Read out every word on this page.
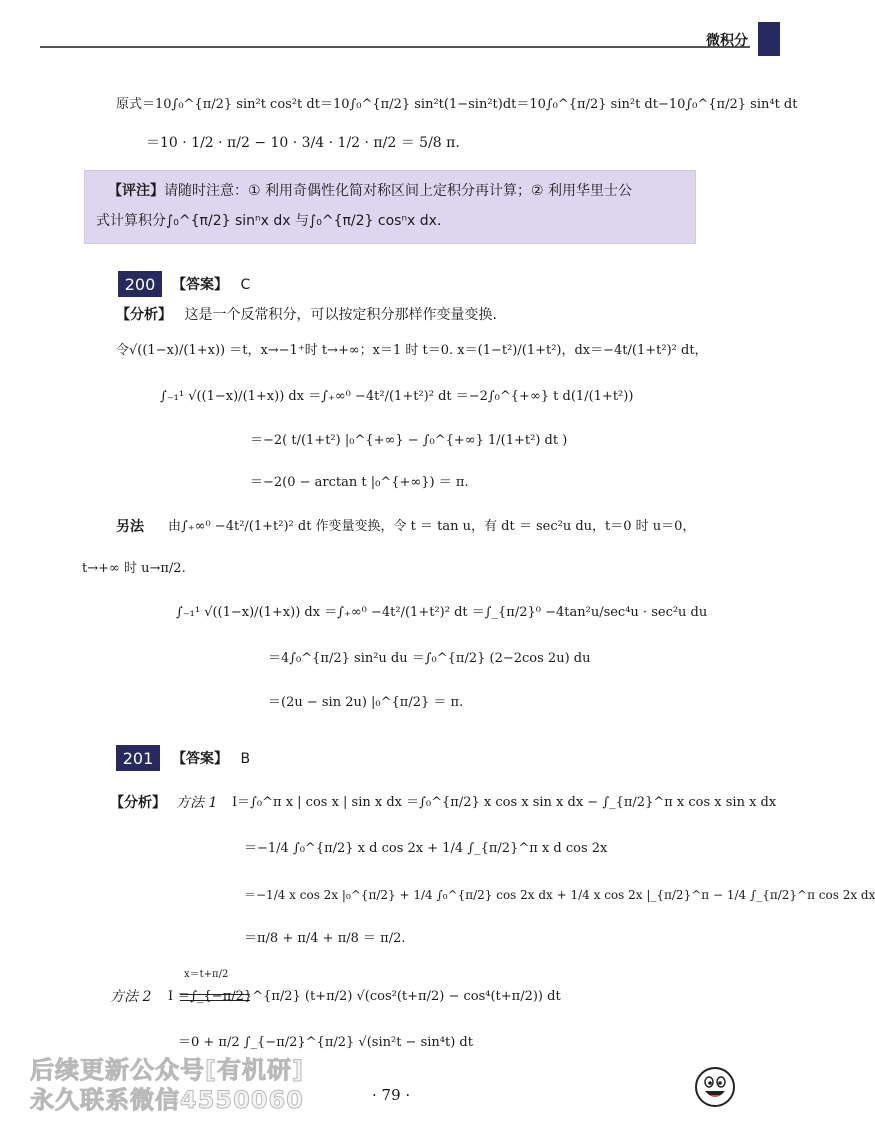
微积分
原式＝10∫₀^{π/2} sin²t cos²t dt＝10∫₀^{π/2} sin²t(1−sin²t)dt＝10∫₀^{π/2} sin²t dt−10∫₀^{π/2} sin⁴t dt
＝10 · 1/2 · π/2 − 10 · 3/4 · 1/2 · π/2 ＝ 5/8 π.
【评注】请随时注意：① 利用奇偶性化简对称区间上定积分再计算；② 利用华里士公
式计算积分∫₀^{π/2} sinⁿx dx 与∫₀^{π/2} cosⁿx dx.
200	【答案】 C
【分析】 这是一个反常积分，可以按定积分那样作变量变换.
令√((1−x)/(1+x)) ＝t，x→−1⁺时 t→+∞；x＝1 时 t＝0. x＝(1−t²)/(1+t²)，dx＝−4t/(1+t²)² dt，
∫₋₁¹ √((1−x)/(1+x)) dx ＝∫₊∞⁰ −4t²/(1+t²)² dt ＝−2∫₀^{+∞} t d(1/(1+t²))
＝−2( t/(1+t²) |₀^{+∞} − ∫₀^{+∞} 1/(1+t²) dt )
＝−2(0 − arctan t |₀^{+∞}) ＝ π.
另法 由∫₊∞⁰ −4t²/(1+t²)² dt 作变量变换，令 t ＝ tan u，有 dt ＝ sec²u du，t＝0 时 u＝0，
t→+∞ 时 u→π/2.
∫₋₁¹ √((1−x)/(1+x)) dx ＝∫₊∞⁰ −4t²/(1+t²)² dt ＝∫_{π/2}⁰ −4tan²u/sec⁴u · sec²u du
＝4∫₀^{π/2} sin²u du ＝∫₀^{π/2} (2−2cos 2u) du
＝(2u − sin 2u) |₀^{π/2} ＝ π.
201	【答案】 B
【分析】 方法 1 I＝∫₀^π x | cos x | sin x dx ＝∫₀^{π/2} x cos x sin x dx − ∫_{π/2}^π x cos x sin x dx
＝−1/4 ∫₀^{π/2} x d cos 2x + 1/4 ∫_{π/2}^π x d cos 2x
＝−1/4 x cos 2x |₀^{π/2} + 1/4 ∫₀^{π/2} cos 2x dx + 1/4 x cos 2x |_{π/2}^π − 1/4 ∫_{π/2}^π cos 2x dx
＝π/8 + π/4 + π/8 ＝ π/2.
方法 2
x＝t+π/2
I ＝∫_{−π/2}^{π/2} (t+π/2) √(cos²(t+π/2) − cos⁴(t+π/2)) dt
＝0 + π/2 ∫_{−π/2}^{π/2} √(sin²t − sin⁴t) dt
后续更新公众号[有机研]
永久联系微信4550060	· 79 ·
